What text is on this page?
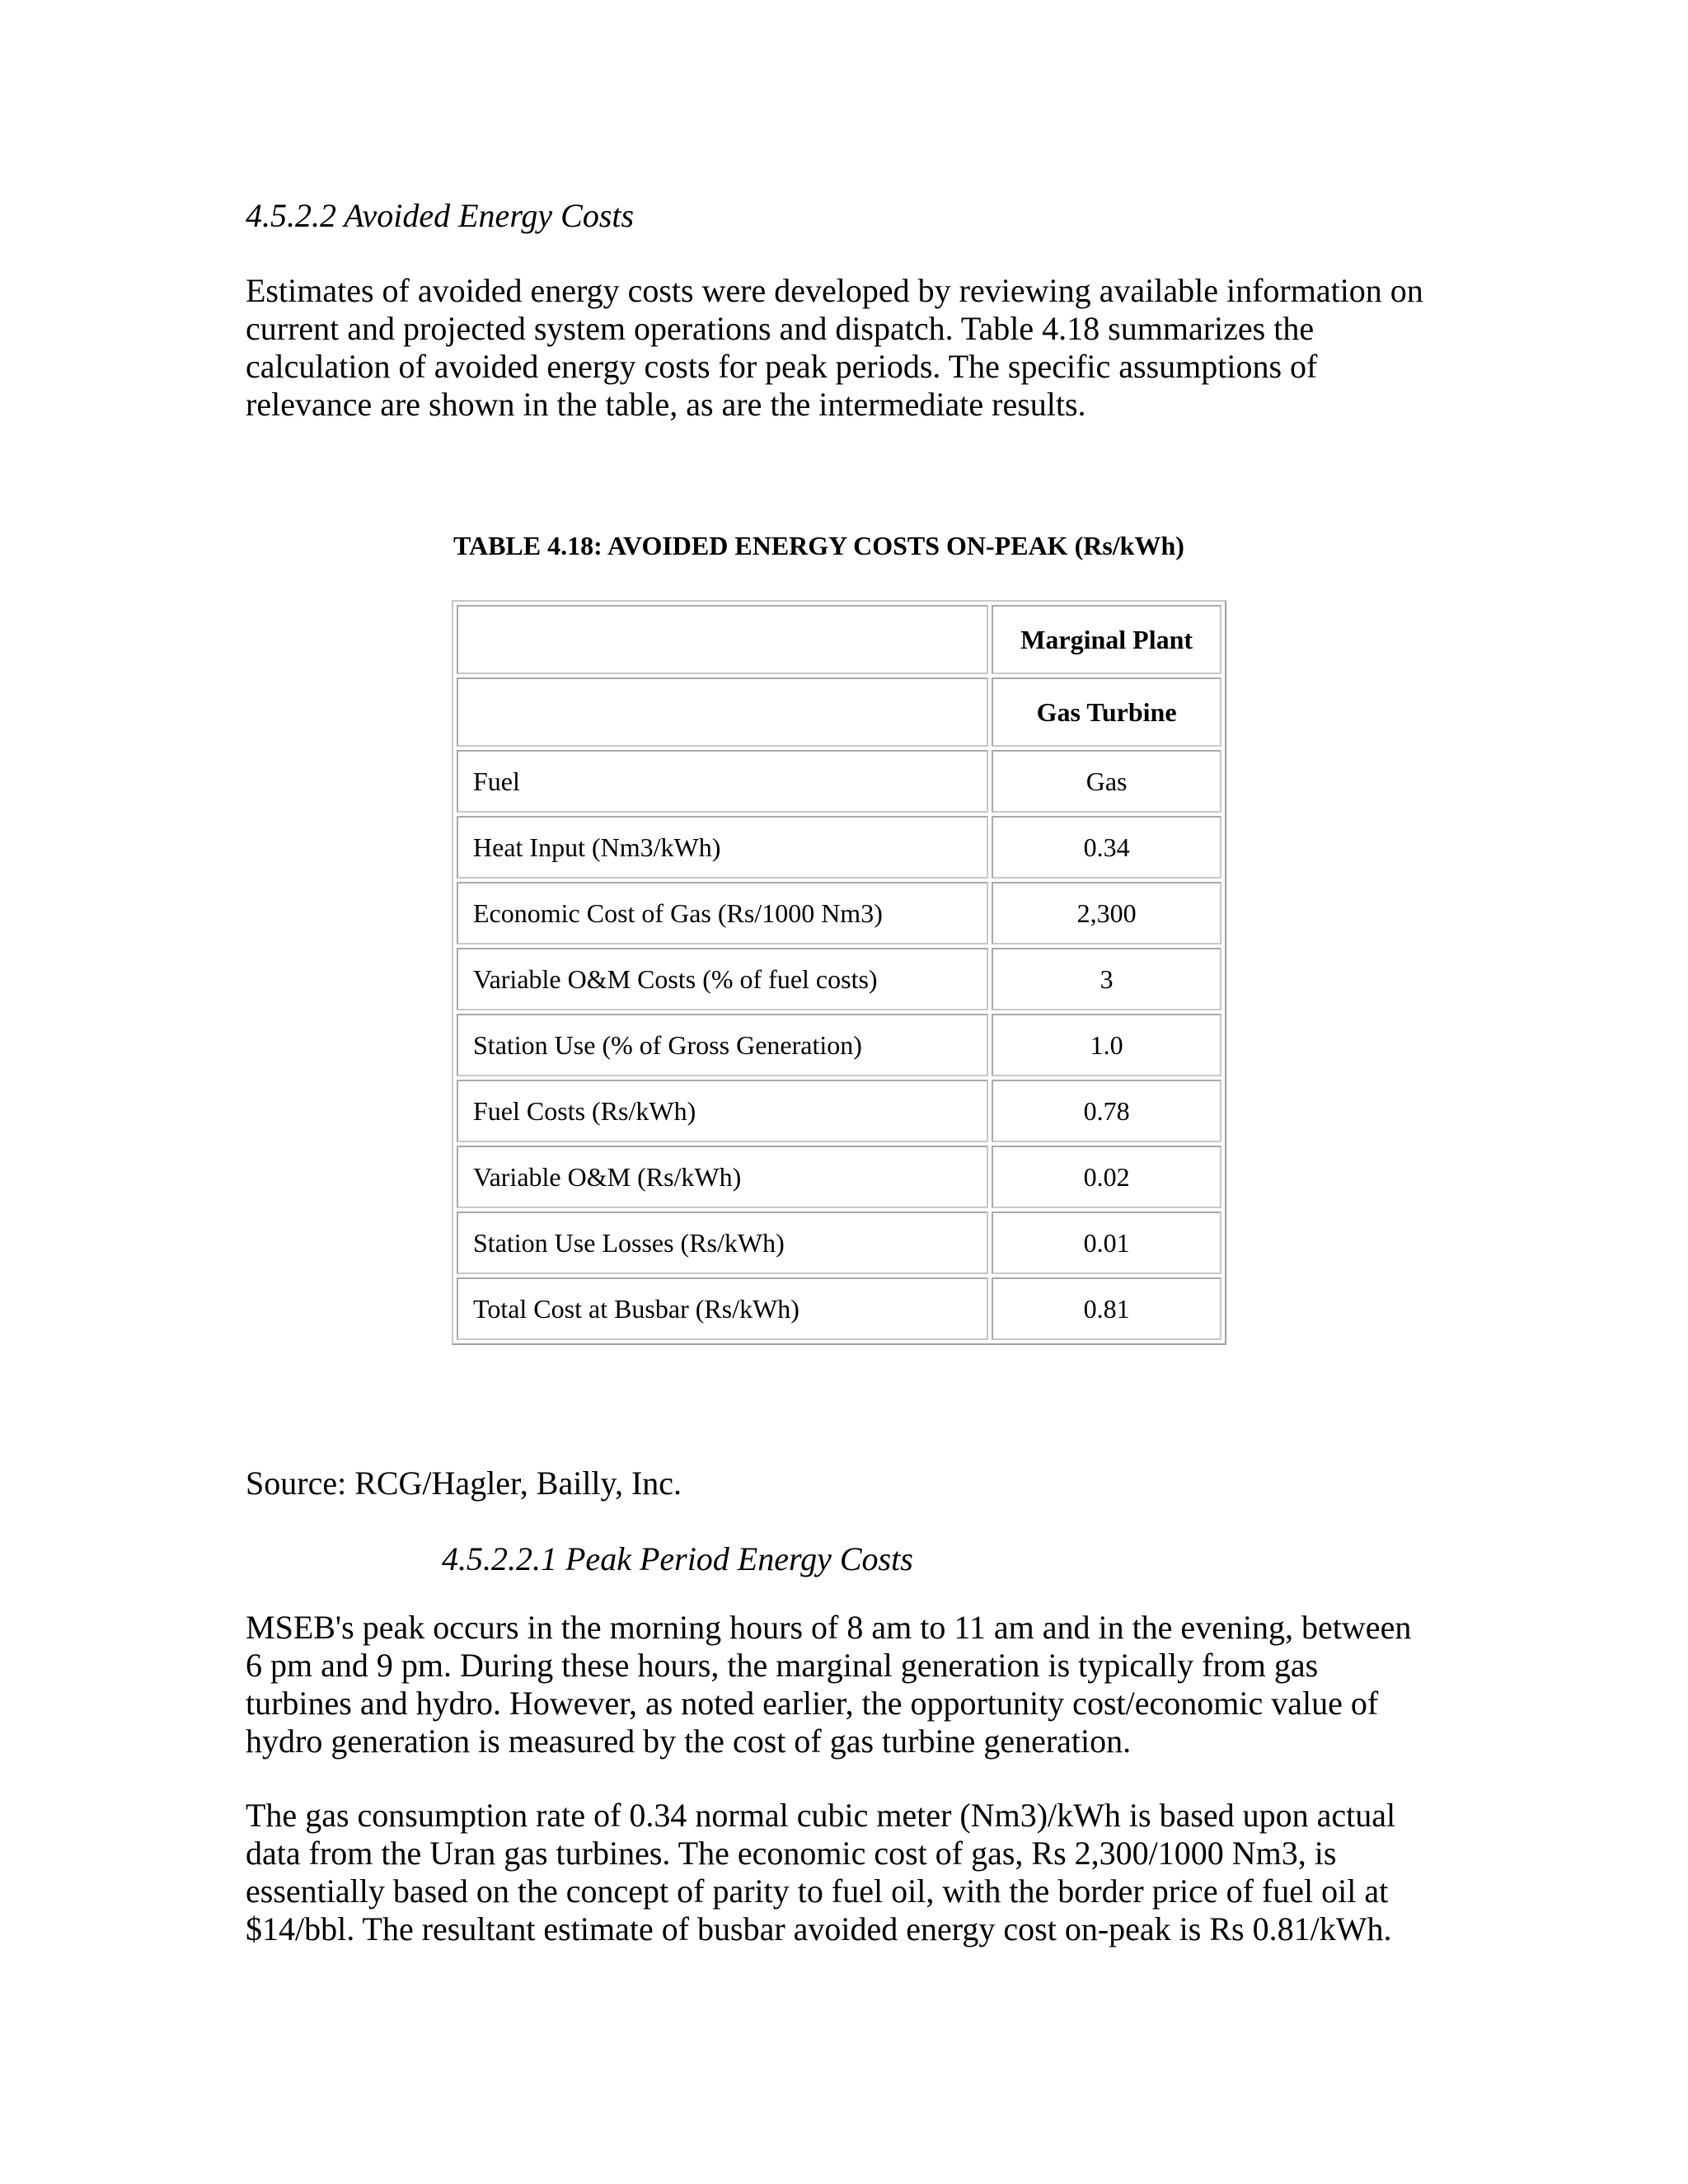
4.5.2.2 Avoided Energy Costs

Estimates of avoided energy costs were developed by reviewing available information on
current and projected system operations and dispatch. Table 4.18 summarizes the
calculation of avoided energy costs for peak periods. The specific assumptions of
relevance are shown in the table, as are the intermediate results.

TABLE 4.18: AVOIDED ENERGY COSTS ON-PEAK (Rs/kWh)

	Marginal Plant
	Gas Turbine
Fuel	Gas
Heat Input (Nm3/kWh)	0.34
Economic Cost of Gas (Rs/1000 Nm3)	2,300
Variable O&M Costs (% of fuel costs)	3
Station Use (% of Gross Generation)	1.0
Fuel Costs (Rs/kWh)	0.78
Variable O&M (Rs/kWh)	0.02
Station Use Losses (Rs/kWh)	0.01
Total Cost at Busbar (Rs/kWh)	0.81

Source: RCG/Hagler, Bailly, Inc.

4.5.2.2.1 Peak Period Energy Costs

MSEB's peak occurs in the morning hours of 8 am to 11 am and in the evening, between
6 pm and 9 pm. During these hours, the marginal generation is typically from gas
turbines and hydro. However, as noted earlier, the opportunity cost/economic value of
hydro generation is measured by the cost of gas turbine generation.

The gas consumption rate of 0.34 normal cubic meter (Nm3)/kWh is based upon actual
data from the Uran gas turbines. The economic cost of gas, Rs 2,300/1000 Nm3, is
essentially based on the concept of parity to fuel oil, with the border price of fuel oil at
$14/bbl. The resultant estimate of busbar avoided energy cost on-peak is Rs 0.81/kWh.
